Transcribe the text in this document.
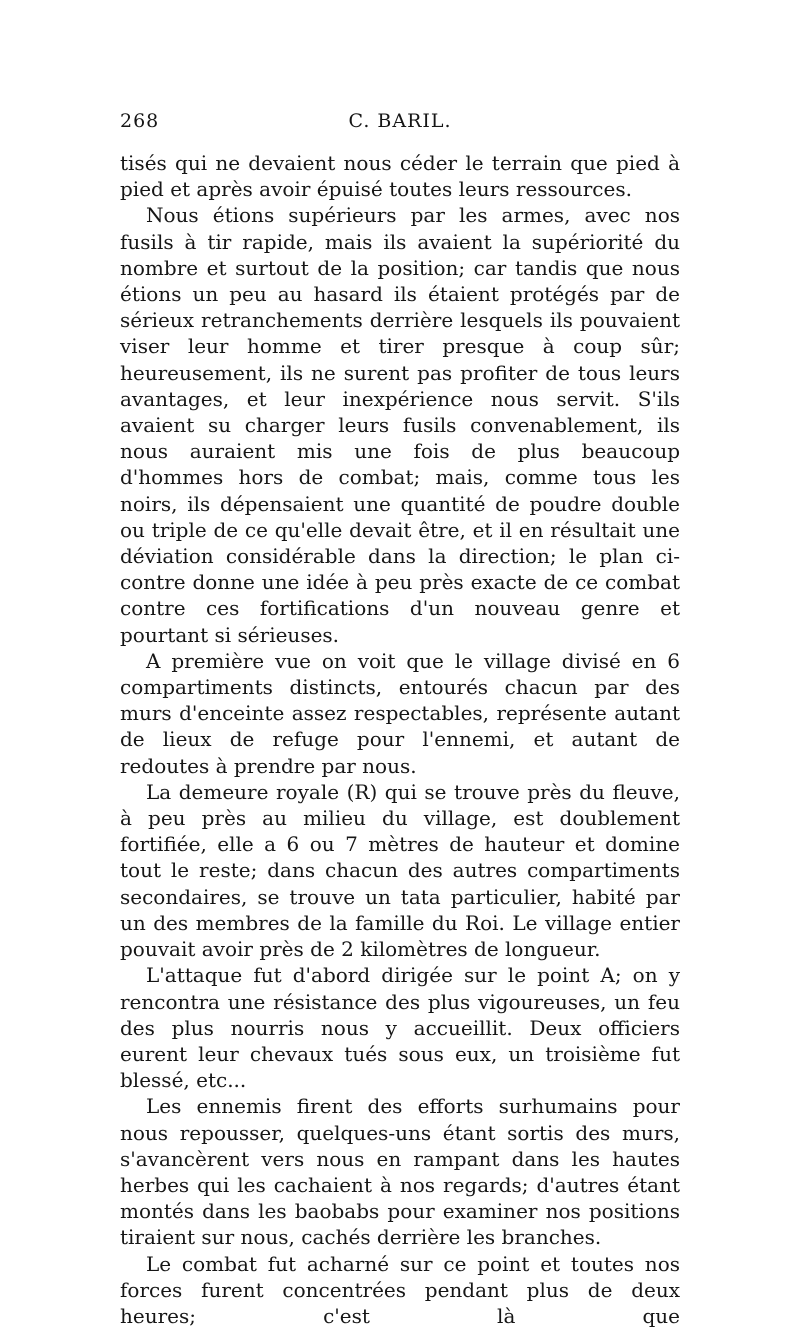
268	C. BARIL.

tisés qui ne devaient nous céder le terrain que pied à pied et après avoir épuisé toutes leurs ressources.

Nous étions supérieurs par les armes, avec nos fusils à tir rapide, mais ils avaient la supériorité du nombre et surtout de la position; car tandis que nous étions un peu au hasard ils étaient protégés par de sérieux retranchements derrière lesquels ils pouvaient viser leur homme et tirer presque à coup sûr; heureusement, ils ne surent pas profiter de tous leurs avantages, et leur inexpérience nous servit. S'ils avaient su charger leurs fusils convenablement, ils nous auraient mis une fois de plus beaucoup d'hommes hors de combat; mais, comme tous les noirs, ils dépensaient une quantité de poudre double ou triple de ce qu'elle devait être, et il en résultait une déviation considérable dans la direction; le plan ci-contre donne une idée à peu près exacte de ce combat contre ces fortifications d'un nouveau genre et pourtant si sérieuses.

A première vue on voit que le village divisé en 6 compartiments distincts, entourés chacun par des murs d'enceinte assez respectables, représente autant de lieux de refuge pour l'ennemi, et autant de redoutes à prendre par nous.

La demeure royale (R) qui se trouve près du fleuve, à peu près au milieu du village, est doublement fortifiée, elle a 6 ou 7 mètres de hauteur et domine tout le reste; dans chacun des autres compartiments secondaires, se trouve un tata particulier, habité par un des membres de la famille du Roi. Le village entier pouvait avoir près de 2 kilomètres de longueur.

L'attaque fut d'abord dirigée sur le point A; on y rencontra une résistance des plus vigoureuses, un feu des plus nourris nous y accueillit. Deux officiers eurent leur chevaux tués sous eux, un troisième fut blessé, etc...

Les ennemis firent des efforts surhumains pour nous repousser, quelques-uns étant sortis des murs, s'avancèrent vers nous en rampant dans les hautes herbes qui les cachaient à nos regards; d'autres étant montés dans les baobabs pour examiner nos positions tiraient sur nous, cachés derrière les branches.

Le combat fut acharné sur ce point et toutes nos forces furent concentrées pendant plus de deux heures; c'est là que
